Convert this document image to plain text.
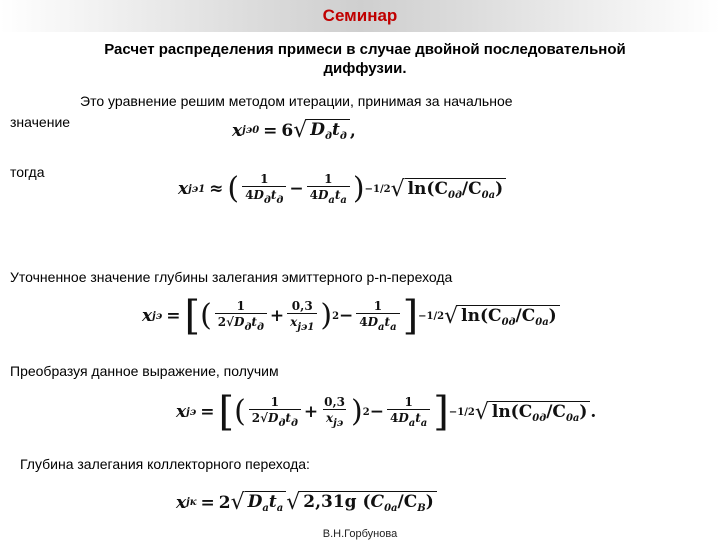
Семинар
Расчет распределения примеси в случае двойной последовательной
диффузии.
Это уравнение решим методом итерации, принимая за начальное
значение	x jэ0 = 6 √ $D_дt_д$ ,
тогда
x jэ1 ≈ ( $\frac{1}{4D_дt_д} - \frac{1}{4D_at_a}$ ) −1/2 √ $\ln(C_{0д}/C_{0a})$
Уточненное значение глубины залегания эмиттерного p-n-перехода
x jэ = [ ( $\frac{1}{2√D_дt_д} + \frac{0,3}{x_{jэ1}}$ ) $2 - \frac{1}{4D_at_a}$ ] −1/2 √ $\ln(C_{0д}/C_{0a})$
Преобразуя данное выражение, получим
x jэ = [ ( $\frac{1}{2√D_дt_д} + \frac{0,3}{x_{jэ}}$ ) $2 - \frac{1}{4D_at_a}$ ] −1/2 √ $\ln(C_{0д}/C_{0a})$ .
Глубина залегания коллекторного перехода:
x jк = 2 √ $D_at_a$ √ 2,31g $(C_{0a}/C_B)$
В.Н.Горбунова
